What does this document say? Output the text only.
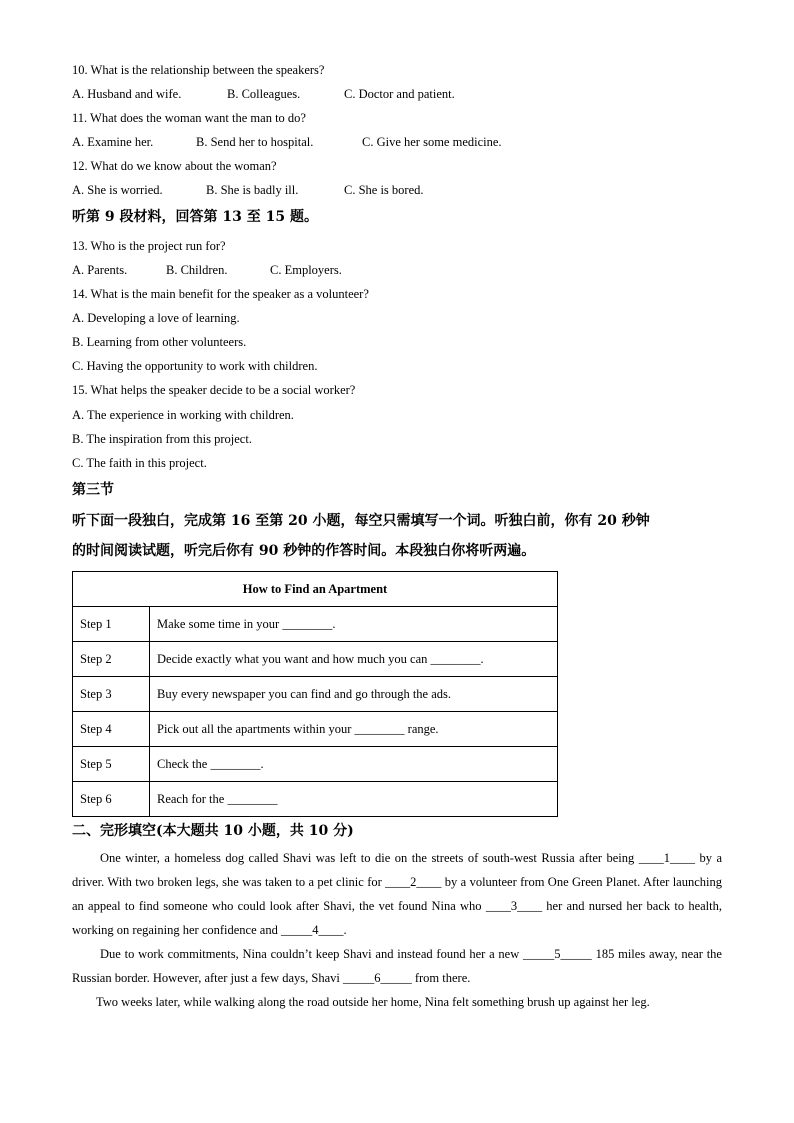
10. What is the relationship between the speakers?
A. Husband and wife.	B. Colleagues.	C. Doctor and patient.
11. What does the woman want the man to do?
A. Examine her.	B. Send her to hospital.	C. Give her some medicine.
12. What do we know about the woman?
A. She is worried.	B. She is badly ill.	C. She is bored.
听第 9 段材料，回答第 13 至 15 题。
13. Who is the project run for?
A. Parents.	B. Children.	C. Employers.
14. What is the main benefit for the speaker as a volunteer?
A. Developing a love of learning.
B. Learning from other volunteers.
C. Having the opportunity to work with children.
15. What helps the speaker decide to be a social worker?
A. The experience in working with children.
B. The inspiration from this project.
C. The faith in this project.
第三节
听下面一段独白，完成第 16 至第 20 小题，每空只需填写一个词。听独白前，你有 20 秒钟
的时间阅读试题，听完后你有 90 秒钟的作答时间。本段独白你将听两遍。
How to Find an Apartment	
Step 1	Make some time in your ________.
Step 2	Decide exactly what you want and how much you can ________.
Step 3	Buy every newspaper you can find and go through the ads.
Step 4	Pick out all the apartments within your ________ range.
Step 5	Check the ________.
Step 6	Reach for the ________
二、完形填空(本大题共 10 小题，共 10 分)

One winter, a homeless dog called Shavi was left to die on the streets of south-west Russia after being ____1____ by a driver. With two broken legs, she was taken to a pet clinic for ____2____ by a volunteer from One Green Planet. After launching an appeal to find someone who could look after Shavi, the vet found Nina who ____3____ her and nursed her back to health, working on regaining her confidence and _____4____.

Due to work commitments, Nina couldn’t keep Shavi and instead found her a new _____5_____ 185 miles away, near the Russian border. However, after just a few days, Shavi _____6_____ from there.

Two weeks later, while walking along the road outside her home, Nina felt something brush up against her leg.
